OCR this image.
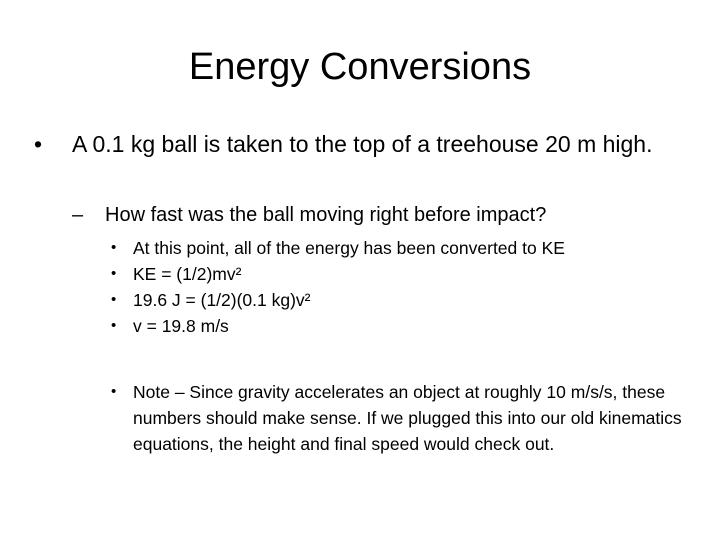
Energy Conversions
•	A 0.1 kg ball is taken to the top of a treehouse 20 m high.
–	How fast was the ball moving right before impact?
• At this point, all of the energy has been converted to KE
• KE = (1/2)mv²
• 19.6 J = (1/2)(0.1 kg)v²
• v = 19.8 m/s
• Note – Since gravity accelerates an object at roughly 10 m/s/s, these numbers should make sense. If we plugged this into our old kinematics equations, the height and final speed would check out.
